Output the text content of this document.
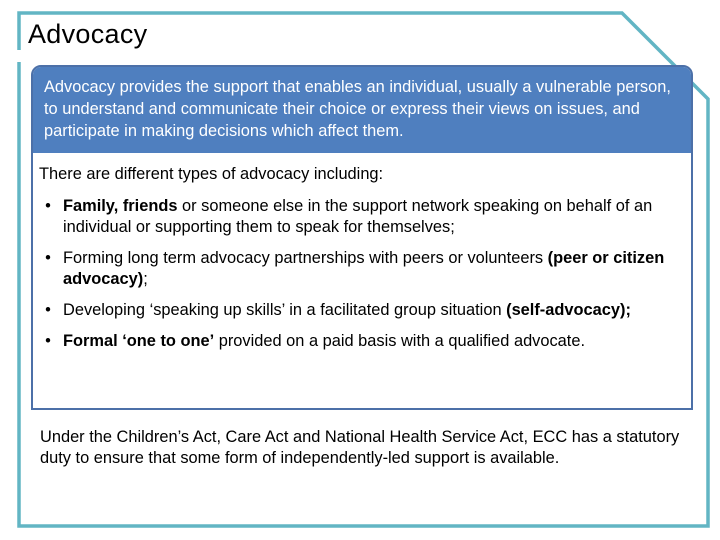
Advocacy
Advocacy provides the support that enables an individual, usually a vulnerable person, to understand and communicate their choice or express their views on issues, and participate in making decisions which affect them.

There are different types of advocacy including:

• Family, friends or someone else in the support network speaking on behalf of an individual or supporting them to speak for themselves;
• Forming long term advocacy partnerships with peers or volunteers (peer or citizen advocacy);
• Developing ‘speaking up skills’ in a facilitated group situation (self-advocacy);
• Formal ‘one to one’ provided on a paid basis with a qualified advocate.
Under the Children’s Act, Care Act and National Health Service Act, ECC has a statutory duty to ensure that some form of independently-led support is available.
